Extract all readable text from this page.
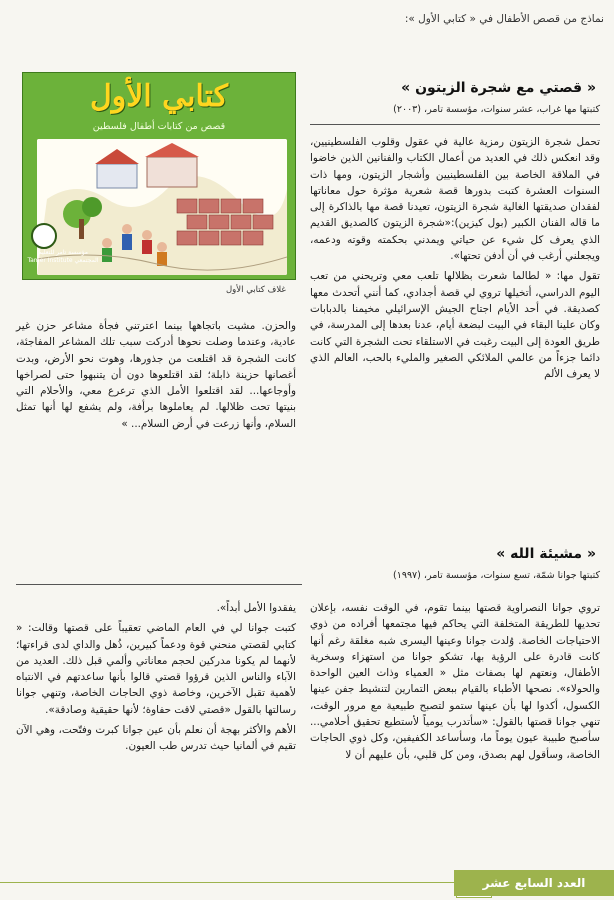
نماذج من قصص الأطفال في « كتابي الأول »:
« قصتي مع شجرة الزيتون »
كتبتها مها غراب، عشر سنوات، مؤسسة تامر، (٢٠٠٣)

تحمل شجرة الزيتون رمزية عالية في عقول وقلوب الفلسطينيين، وقد انعكس ذلك في العديد من أعمال الكتاب والفنانين الذين خاضوا في الملاقة الخاصة بين الفلسطينيين وأشجار الزيتون، ومها ذات السنوات العشرة كتبت بدورها قصة شعرية مؤثرة حول معاناتها لفقدان صديقتها الغالية شجرة الزيتون، تعيدنا قصة مها بالذاكرة إلى ما قاله الفنان الكبير (بول كيزين):«شجرة الزيتون كالصديق القديم الذي يعرف كل شيء عن حياتي ويمدني بحكمته وقوته ودعمه، ويجعلني أرغب في أن أدفن تحتها».

تقول مها: « لطالما شعرت بظلالها تلعب معي وتريحني من تعب اليوم الدراسي، أتخيلها تروي لي قصة أجدادي، كما أنني أتحدث معها كصديقة. في أحد الأيام اجتاح الجيش الإسرائيلي مخيمنا بالدبابات وكان علينا البقاء في البيت لبضعة أيام، عدنا بعدها إلى المدرسة، في طريق العودة إلى البيت رغبت في الاستلقاء تحت الشجرة التي كانت دائما جزءاً من عالمي الملائكي الصغير والمليء بالحب، العالم الذي لا يعرف الألم

كتابي الأول
قصص من كتابات أطفال فلسطين
مؤسسة تامر للتعليم المجتمعي Tamer Institute
غلاف كتابي الأول

والحزن. مشيت باتجاهها بينما اعترتني فجأة مشاعر حزن غير عادية، وعندما وصلت نحوها أدركت سبب تلك المشاعر المفاجئة، كانت الشجرة قد اقتلعت من جذورها، وهوت نحو الأرض، وبدت أغصانها حزينة ذابلة؛ لقد اقتلعوها دون أن يتنبهوا حتى لصراخها وأوجاعها... لقد اقتلعوا الأمل الذي ترعرع معي، والأحلام التي بنيتها تحت ظلالها. لم يعاملوها برأفة، ولم يشفع لها أنها تمثل السلام، وأنها زرعت في أرض السلام... »

« مشيئة الله »
كتبتها جوانا شمّة، تسع سنوات، مؤسسة تامر، (١٩٩٧)

تروي جوانا النصراوية قصتها بينما تقوم، في الوقت نفسه، بإعلان تحديها للطريقة المتخلفة التي يحاكم فيها مجتمعها أفراده من ذوي الاحتياجات الخاصة. وُلدت جوانا وعينها اليسرى شبه مغلقة رغم أنها كانت قادرة على الرؤية بها، تشكو جوانا من استهزاء وسخرية الأطفال، ونعتهم لها بصفات مثل « العمياء وذات العين الواحدة والحولاء». نصحها الأطباء بالقيام ببعض التمارين لتنشيط جفن عينها الكسول، أكدوا لها بأن عينها ستمو لتصبح طبيعية مع مرور الوقت، تنهي جوانا قصتها بالقول: «سأتدرب يومياً لأستطيع تحقيق أحلامي... سأصبح طبيبة عيون يوماً ما، وسأساعد الكفيفين، وكل ذوي الحاجات الخاصة، وسأقول لهم بصدق، ومن كل قلبي، بأن عليهم أن لا

يفقدوا الأمل أبداً».

كتبت جوانا لي في العام الماضي تعقيباً على قصتها وقالت: « كتابي لقصتي منحني قوة ودعماً كبيرين، ذُهل والداي لدى قراءتها؛ لأنهما لم يكونا مدركين لحجم معاناتي وألمي قبل ذلك. العديد من الآباء والناس الذين قرؤوا قصتي قالوا بأنها ساعدتهم في الانتباه لأهمية تقبل الآخرين، وخاصة ذوي الحاجات الخاصة، وتنهي جوانا رسالتها بالقول «قصتي لاقت حفاوة؛ لأنها حقيقية وصادقة».

الأهم والأكثر بهجة أن نعلم بأن عين جوانا كبرت وفتّحت، وهي الآن تقيم في ألمانيا حيث تدرس طب العيون.

العدد السابع عشر
